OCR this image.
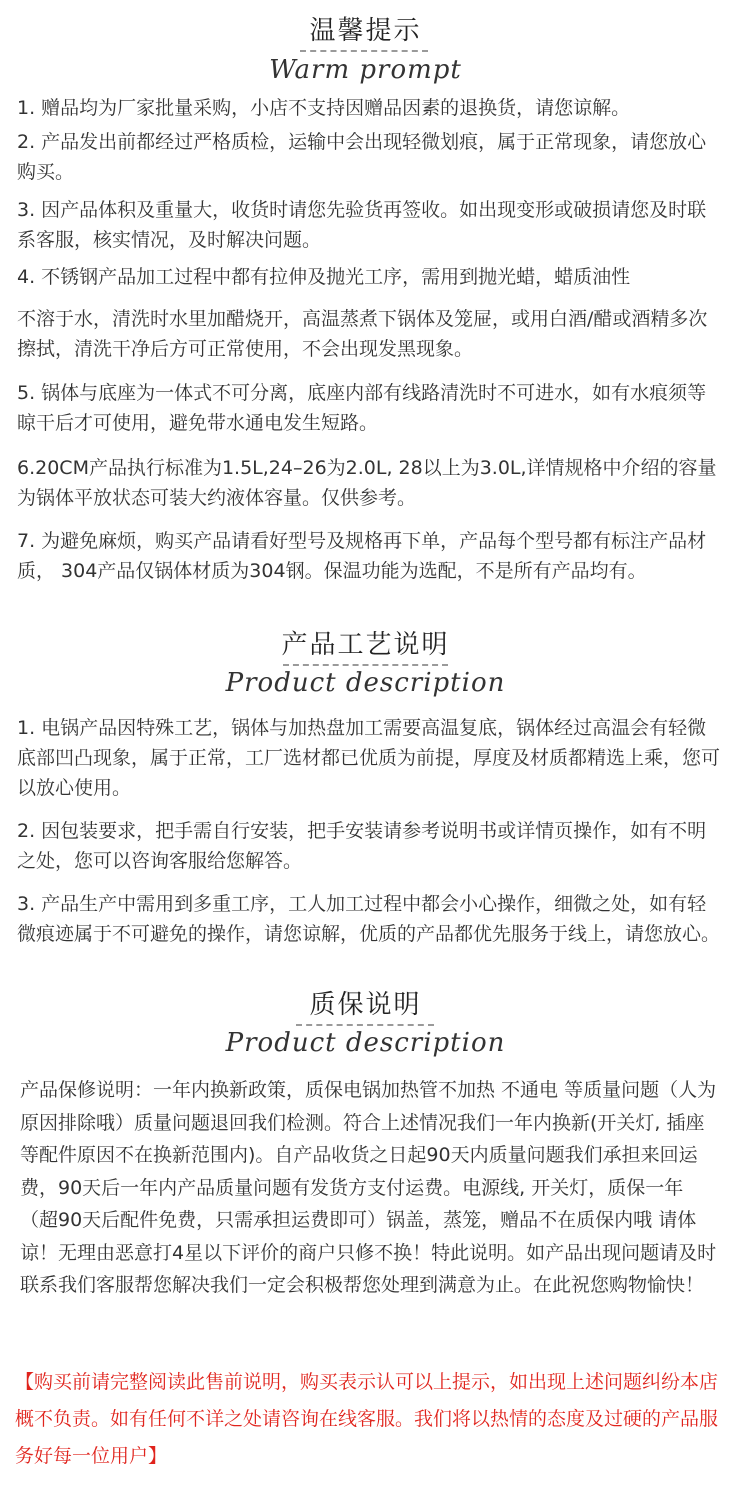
温馨提示
Warm prompt

1. 赠品均为厂家批量采购，小店不支持因赠品因素的退换货，请您谅解。

2. 产品发出前都经过严格质检，运输中会出现轻微划痕，属于正常现象，请您放心购买。

3. 因产品体积及重量大，收货时请您先验货再签收。如出现变形或破损请您及时联系客服，核实情况，及时解决问题。

4. 不锈钢产品加工过程中都有拉伸及抛光工序，需用到抛光蜡，蜡质油性

不溶于水，清洗时水里加醋烧开，高温蒸煮下锅体及笼屉，或用白酒/醋或酒精多次擦拭，清洗干净后方可正常使用，不会出现发黑现象。

5. 锅体与底座为一体式不可分离，底座内部有线路清洗时不可进水，如有水痕须等晾干后才可使用，避免带水通电发生短路。

6.20CM产品执行标准为1.5L,24–26为2.0L, 28以上为3.0L,详情规格中介绍的容量为锅体平放状态可装大约液体容量。仅供参考。

7. 为避免麻烦，购买产品请看好型号及规格再下单，产品每个型号都有标注产品材质， 304产品仅锅体材质为304钢。保温功能为选配，不是所有产品均有。

产品工艺说明
Product description

1. 电锅产品因特殊工艺，锅体与加热盘加工需要高温复底，锅体经过高温会有轻微底部凹凸现象，属于正常，工厂选材都已优质为前提，厚度及材质都精选上乘，您可以放心使用。

2. 因包装要求，把手需自行安装，把手安装请参考说明书或详情页操作，如有不明之处，您可以咨询客服给您解答。

3. 产品生产中需用到多重工序，工人加工过程中都会小心操作，细微之处，如有轻微痕迹属于不可避免的操作，请您谅解，优质的产品都优先服务于线上，请您放心。

质保说明
Product description

产品保修说明：一年内换新政策，质保电锅加热管不加热 不通电 等质量问题（人为原因排除哦）质量问题退回我们检测。符合上述情况我们一年内换新(开关灯, 插座等配件原因不在换新范围内)。自产品收货之日起90天内质量问题我们承担来回运费，90天后一年内产品质量问题有发货方支付运费。电源线, 开关灯，质保一年（超90天后配件免费，只需承担运费即可）锅盖，蒸笼，赠品不在质保内哦 请体谅！无理由恶意打4星以下评价的商户只修不换！特此说明。如产品出现问题请及时联系我们客服帮您解决我们一定会积极帮您处理到满意为止。在此祝您购物愉快！

【购买前请完整阅读此售前说明，购买表示认可以上提示，如出现上述问题纠纷本店概不负责。如有任何不详之处请咨询在线客服。我们将以热情的态度及过硬的产品服务好每一位用户】
